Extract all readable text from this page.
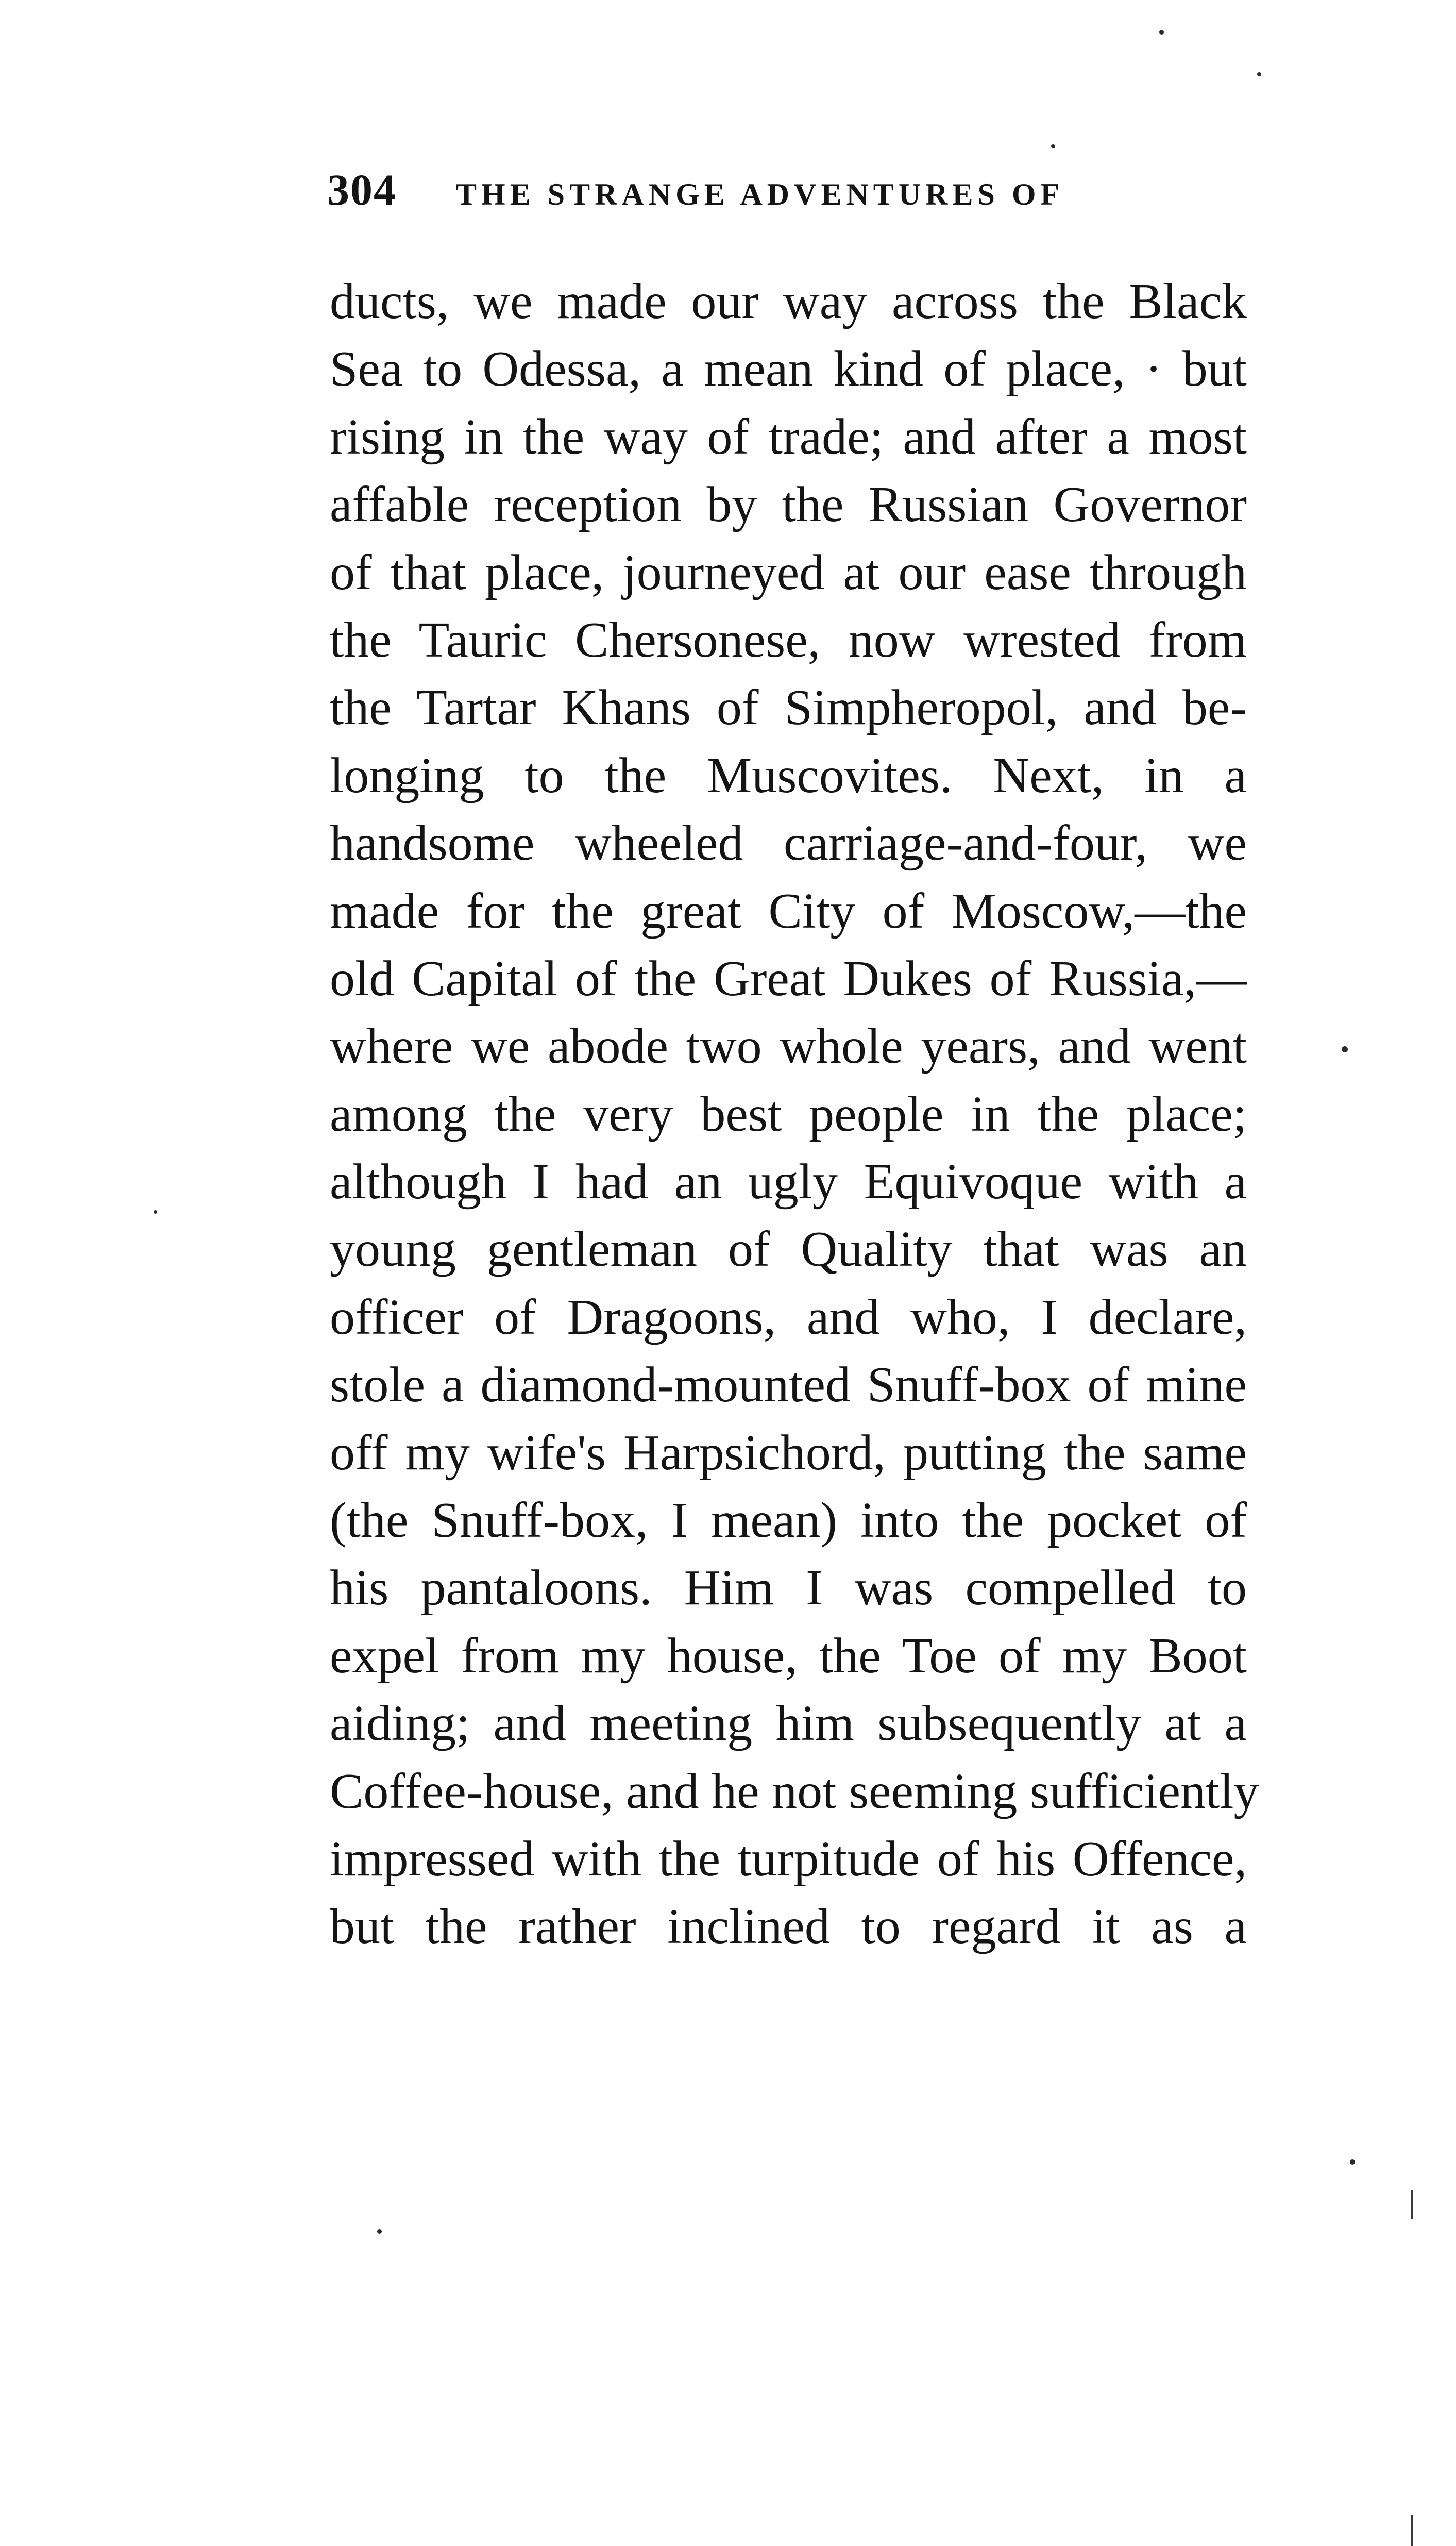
304 THE STRANGE ADVENTURES OF
ducts, we made our way across the Black
Sea to Odessa, a mean kind of place, · but
rising in the way of trade; and after a most
affable reception by the Russian Governor
of that place, journeyed at our ease through
the Tauric Chersonese, now wrested from
the Tartar Khans of Simpheropol, and be-
longing to the Muscovites. Next, in a
handsome wheeled carriage-and-four, we
made for the great City of Moscow,—the
old Capital of the Great Dukes of Russia,—
where we abode two whole years, and went
among the very best people in the place;
although I had an ugly Equivoque with a
young gentleman of Quality that was an
officer of Dragoons, and who, I declare,
stole a diamond-mounted Snuff-box of mine
off my wife's Harpsichord, putting the same
(the Snuff-box, I mean) into the pocket of
his pantaloons. Him I was compelled to
expel from my house, the Toe of my Boot
aiding; and meeting him subsequently at a
Coffee-house, and he not seeming sufficiently
impressed with the turpitude of his Offence,
but the rather inclined to regard it as a
